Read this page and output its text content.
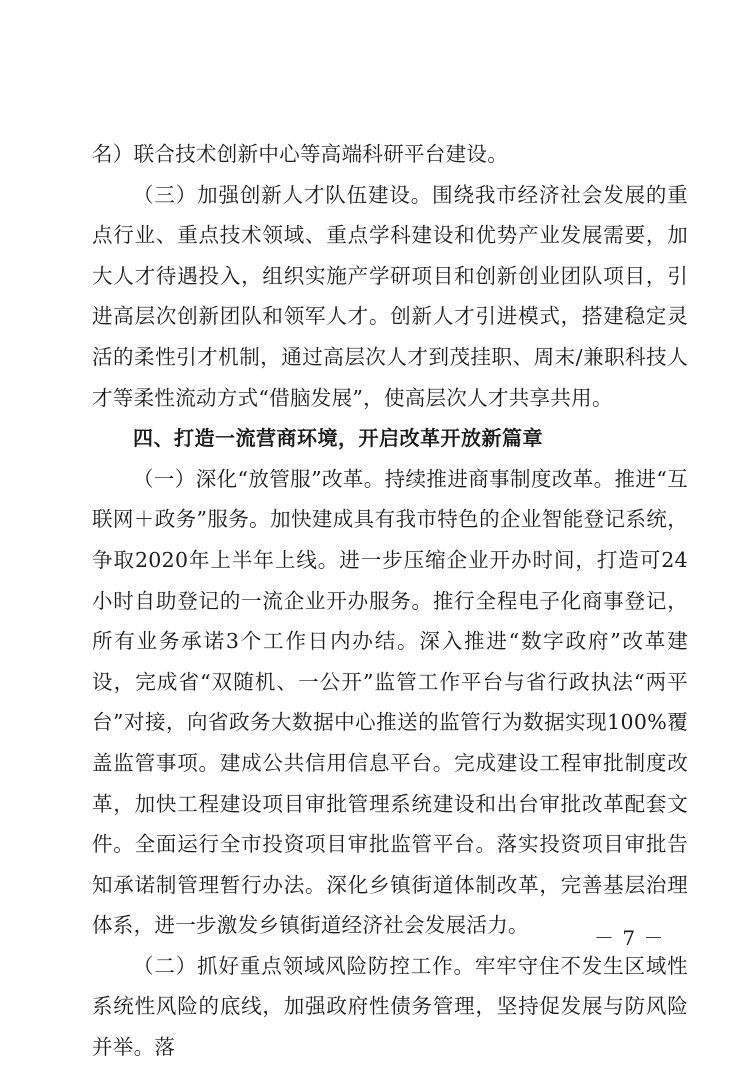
名）联合技术创新中心等高端科研平台建设。

（三）加强创新人才队伍建设。围绕我市经济社会发展的重点行业、重点技术领域、重点学科建设和优势产业发展需要，加大人才待遇投入，组织实施产学研项目和创新创业团队项目，引进高层次创新团队和领军人才。创新人才引进模式，搭建稳定灵活的柔性引才机制，通过高层次人才到茂挂职、周末/兼职科技人才等柔性流动方式“借脑发展”，使高层次人才共享共用。

四、打造一流营商环境，开启改革开放新篇章

（一）深化“放管服”改革。持续推进商事制度改革。推进“互联网＋政务”服务。加快建成具有我市特色的企业智能登记系统，争取2020年上半年上线。进一步压缩企业开办时间，打造可24小时自助登记的一流企业开办服务。推行全程电子化商事登记，所有业务承诺3个工作日内办结。深入推进“数字政府”改革建设，完成省“双随机、一公开”监管工作平台与省行政执法“两平台”对接，向省政务大数据中心推送的监管行为数据实现100%覆盖监管事项。建成公共信用信息平台。完成建设工程审批制度改革，加快工程建设项目审批管理系统建设和出台审批改革配套文件。全面运行全市投资项目审批监管平台。落实投资项目审批告知承诺制管理暂行办法。深化乡镇街道体制改革，完善基层治理体系，进一步激发乡镇街道经济社会发展活力。

（二）抓好重点领域风险防控工作。牢牢守住不发生区域性系统性风险的底线，加强政府性债务管理，坚持促发展与防风险并举。落

－ 7 －
